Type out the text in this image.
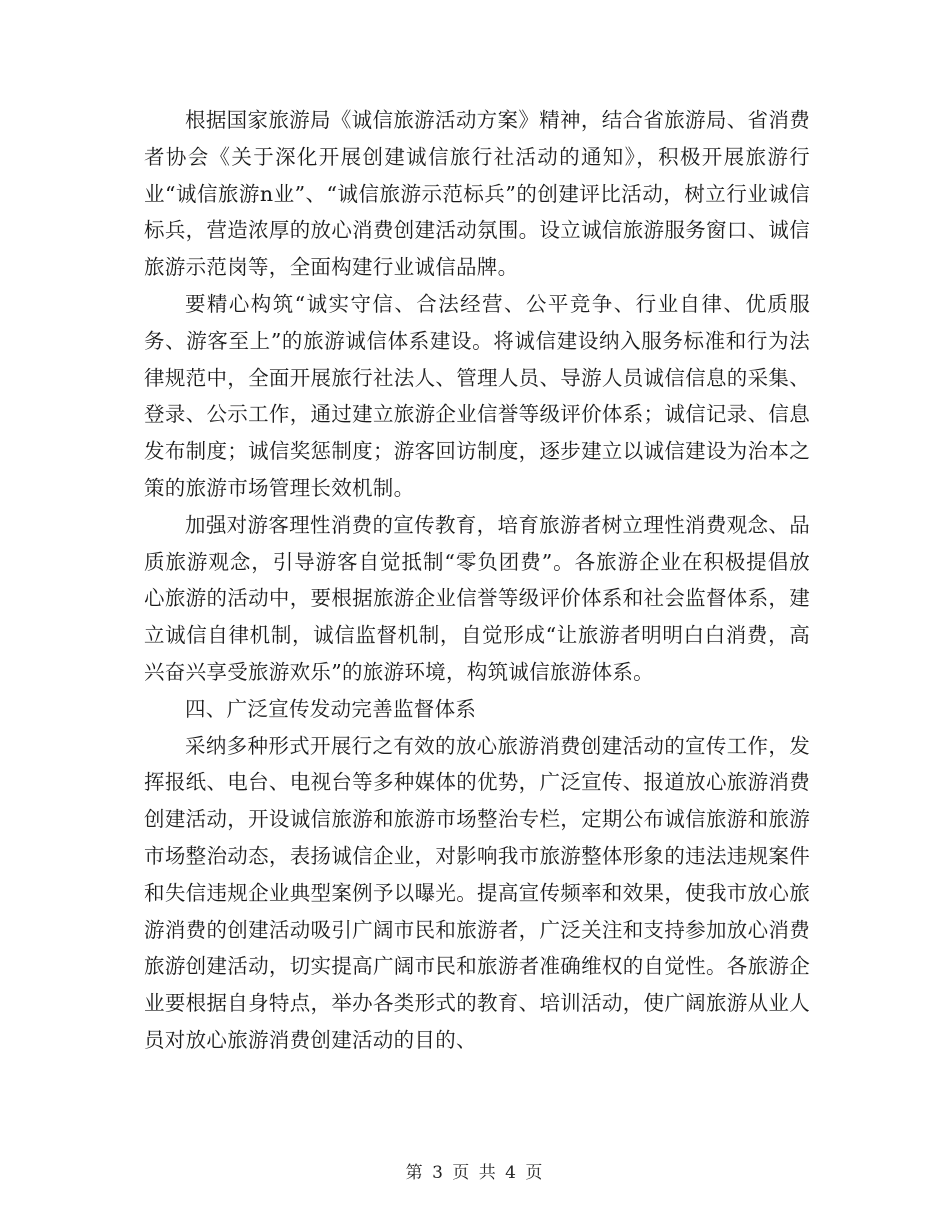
根据国家旅游局《诚信旅游活动方案》精神，结合省旅游局、省消费者协会《关于深化开展创建诚信旅行社活动的通知》，积极开展旅游行业“诚信旅游n业”、“诚信旅游示范标兵”的创建评比活动，树立行业诚信标兵，营造浓厚的放心消费创建活动氛围。设立诚信旅游服务窗口、诚信旅游示范岗等，全面构建行业诚信品牌。

要精心构筑“诚实守信、合法经营、公平竞争、行业自律、优质服务、游客至上”的旅游诚信体系建设。将诚信建设纳入服务标准和行为法律规范中，全面开展旅行社法人、管理人员、导游人员诚信信息的采集、登录、公示工作，通过建立旅游企业信誉等级评价体系；诚信记录、信息发布制度；诚信奖惩制度；游客回访制度，逐步建立以诚信建设为治本之策的旅游市场管理长效机制。

加强对游客理性消费的宣传教育，培育旅游者树立理性消费观念、品质旅游观念，引导游客自觉抵制“零负团费”。各旅游企业在积极提倡放心旅游的活动中，要根据旅游企业信誉等级评价体系和社会监督体系，建立诚信自律机制，诚信监督机制，自觉形成“让旅游者明明白白消费，高兴奋兴享受旅游欢乐”的旅游环境，构筑诚信旅游体系。

四、广泛宣传发动完善监督体系

采纳多种形式开展行之有效的放心旅游消费创建活动的宣传工作，发挥报纸、电台、电视台等多种媒体的优势，广泛宣传、报道放心旅游消费创建活动，开设诚信旅游和旅游市场整治专栏，定期公布诚信旅游和旅游市场整治动态，表扬诚信企业，对影响我市旅游整体形象的违法违规案件和失信违规企业典型案例予以曝光。提高宣传频率和效果，使我市放心旅游消费的创建活动吸引广阔市民和旅游者，广泛关注和支持参加放心消费旅游创建活动，切实提高广阔市民和旅游者准确维权的自觉性。各旅游企业要根据自身特点，举办各类形式的教育、培训活动，使广阔旅游从业人员对放心旅游消费创建活动的目的、

第 3 页 共 4 页
